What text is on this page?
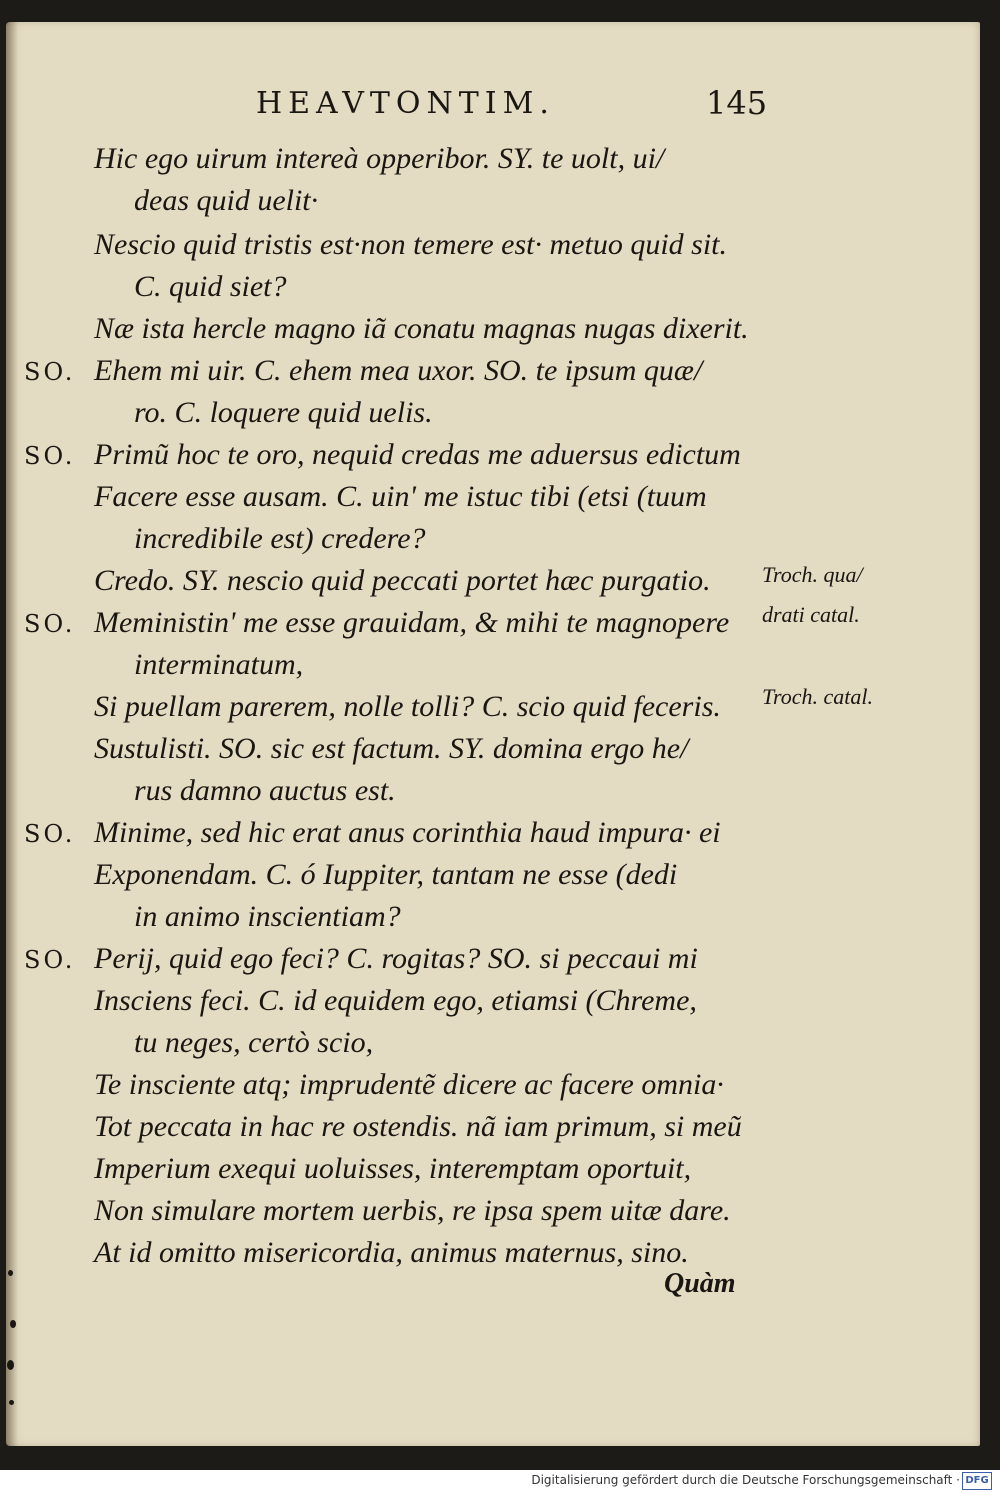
HEAVTONTIM.	145
Hic ego uirum intereà opperibor. SY. te uolt, ui/
deas quid uelit·
Nescio quid tristis est·non temere est· metuo quid sit.
C. quid siet?
Næ ista hercle magno iã conatu magnas nugas dixerit.
Ehem mi uir. C. ehem mea uxor. SO. te ipsum quæ/
ro. C. loquere quid uelis.
Primũ hoc te oro, nequid credas me aduersus edictum
Facere esse ausam. C. uin' me istuc tibi (etsi (tuum
incredibile est) credere?
Credo. SY. nescio quid peccati portet hæc purgatio.
Meministin' me esse grauidam, & mihi te magnopere
interminatum,
Si puellam parerem, nolle tolli? C. scio quid feceris.
Sustulisti. SO. sic est factum. SY. domina ergo he/
rus damno auctus est.
Minime, sed hic erat anus corinthia haud impura· ei
Exponendam. C. ó Iuppiter, tantam ne esse (dedi
in animo inscientiam?
Perij, quid ego feci? C. rogitas? SO. si peccaui mi
Insciens feci. C. id equidem ego, etiamsi (Chreme,
tu neges, certò scio,
Te insciente atq; imprudentẽ dicere ac facere omnia·
Tot peccata in hac re ostendis. nã iam primum, si meũ
Imperium exequi uoluisses, interemptam oportuit,
Non simulare mortem uerbis, re ipsa spem uitæ dare.
At id omitto misericordia, animus maternus, sino.
SO.
SO.
SO.
SO.
SO.
Troch. qua/
drati catal.
Troch. catal.
Quàm
Digitalisierung gefördert durch die Deutsche Forschungsgemeinschaft · DFG
